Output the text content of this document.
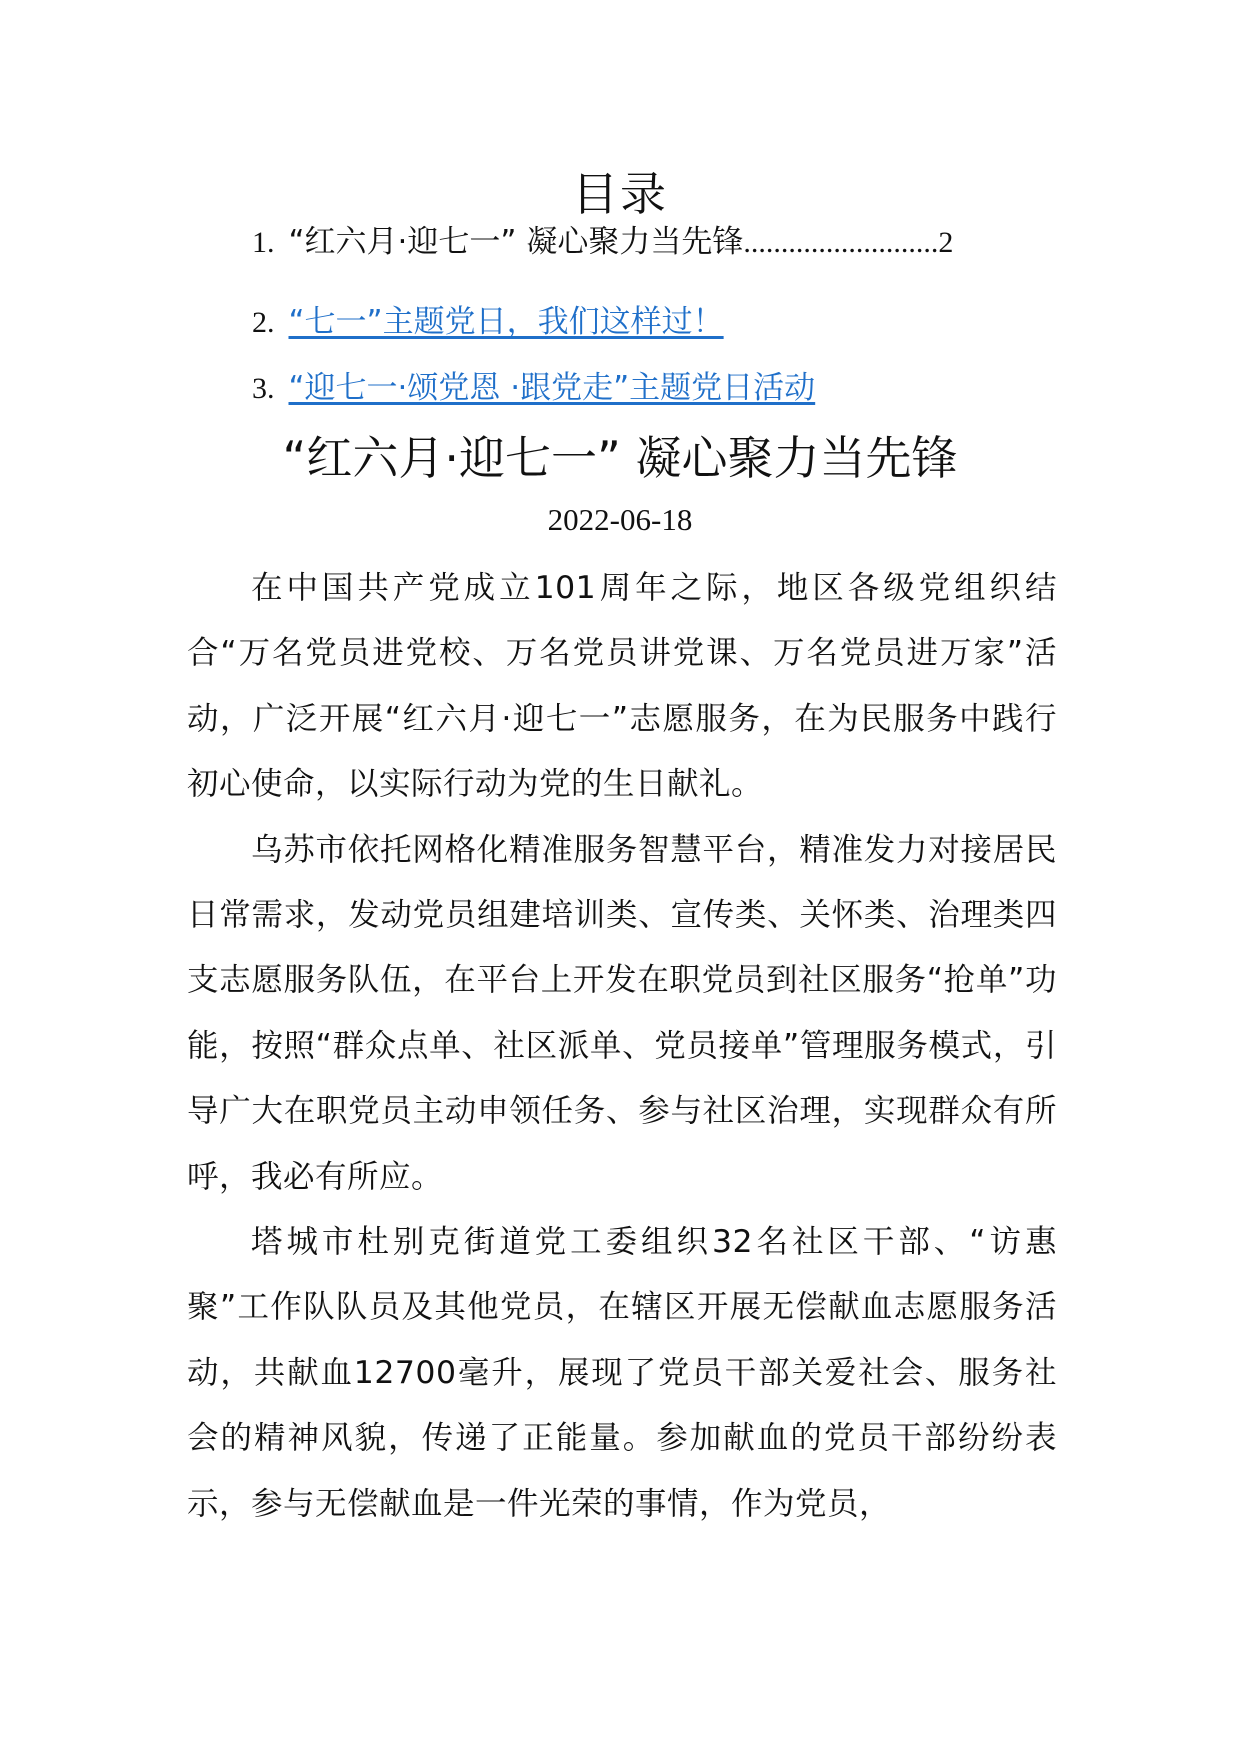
目录
1. “红六月·迎七一” 凝心聚力当先锋..........................2
2. “七一”主题党日，我们这样过！
3. “迎七一·颂党恩 ·跟党走”主题党日活动
“红六月·迎七一” 凝心聚力当先锋
2022-06-18

在中国共产党成立101周年之际，地区各级党组织结合“万名党员进党校、万名党员讲党课、万名党员进万家”活动，广泛开展“红六月·迎七一”志愿服务，在为民服务中践行初心使命，以实际行动为党的生日献礼。

乌苏市依托网格化精准服务智慧平台，精准发力对接居民日常需求，发动党员组建培训类、宣传类、关怀类、治理类四支志愿服务队伍，在平台上开发在职党员到社区服务“抢单”功能，按照“群众点单、社区派单、党员接单”管理服务模式，引导广大在职党员主动申领任务、参与社区治理，实现群众有所呼，我必有所应。

塔城市杜别克街道党工委组织32名社区干部、“访惠聚”工作队队员及其他党员，在辖区开展无偿献血志愿服务活动，共献血12700毫升，展现了党员干部关爱社会、服务社会的精神风貌，传递了正能量。参加献血的党员干部纷纷表示，参与无偿献血是一件光荣的事情，作为党员，
